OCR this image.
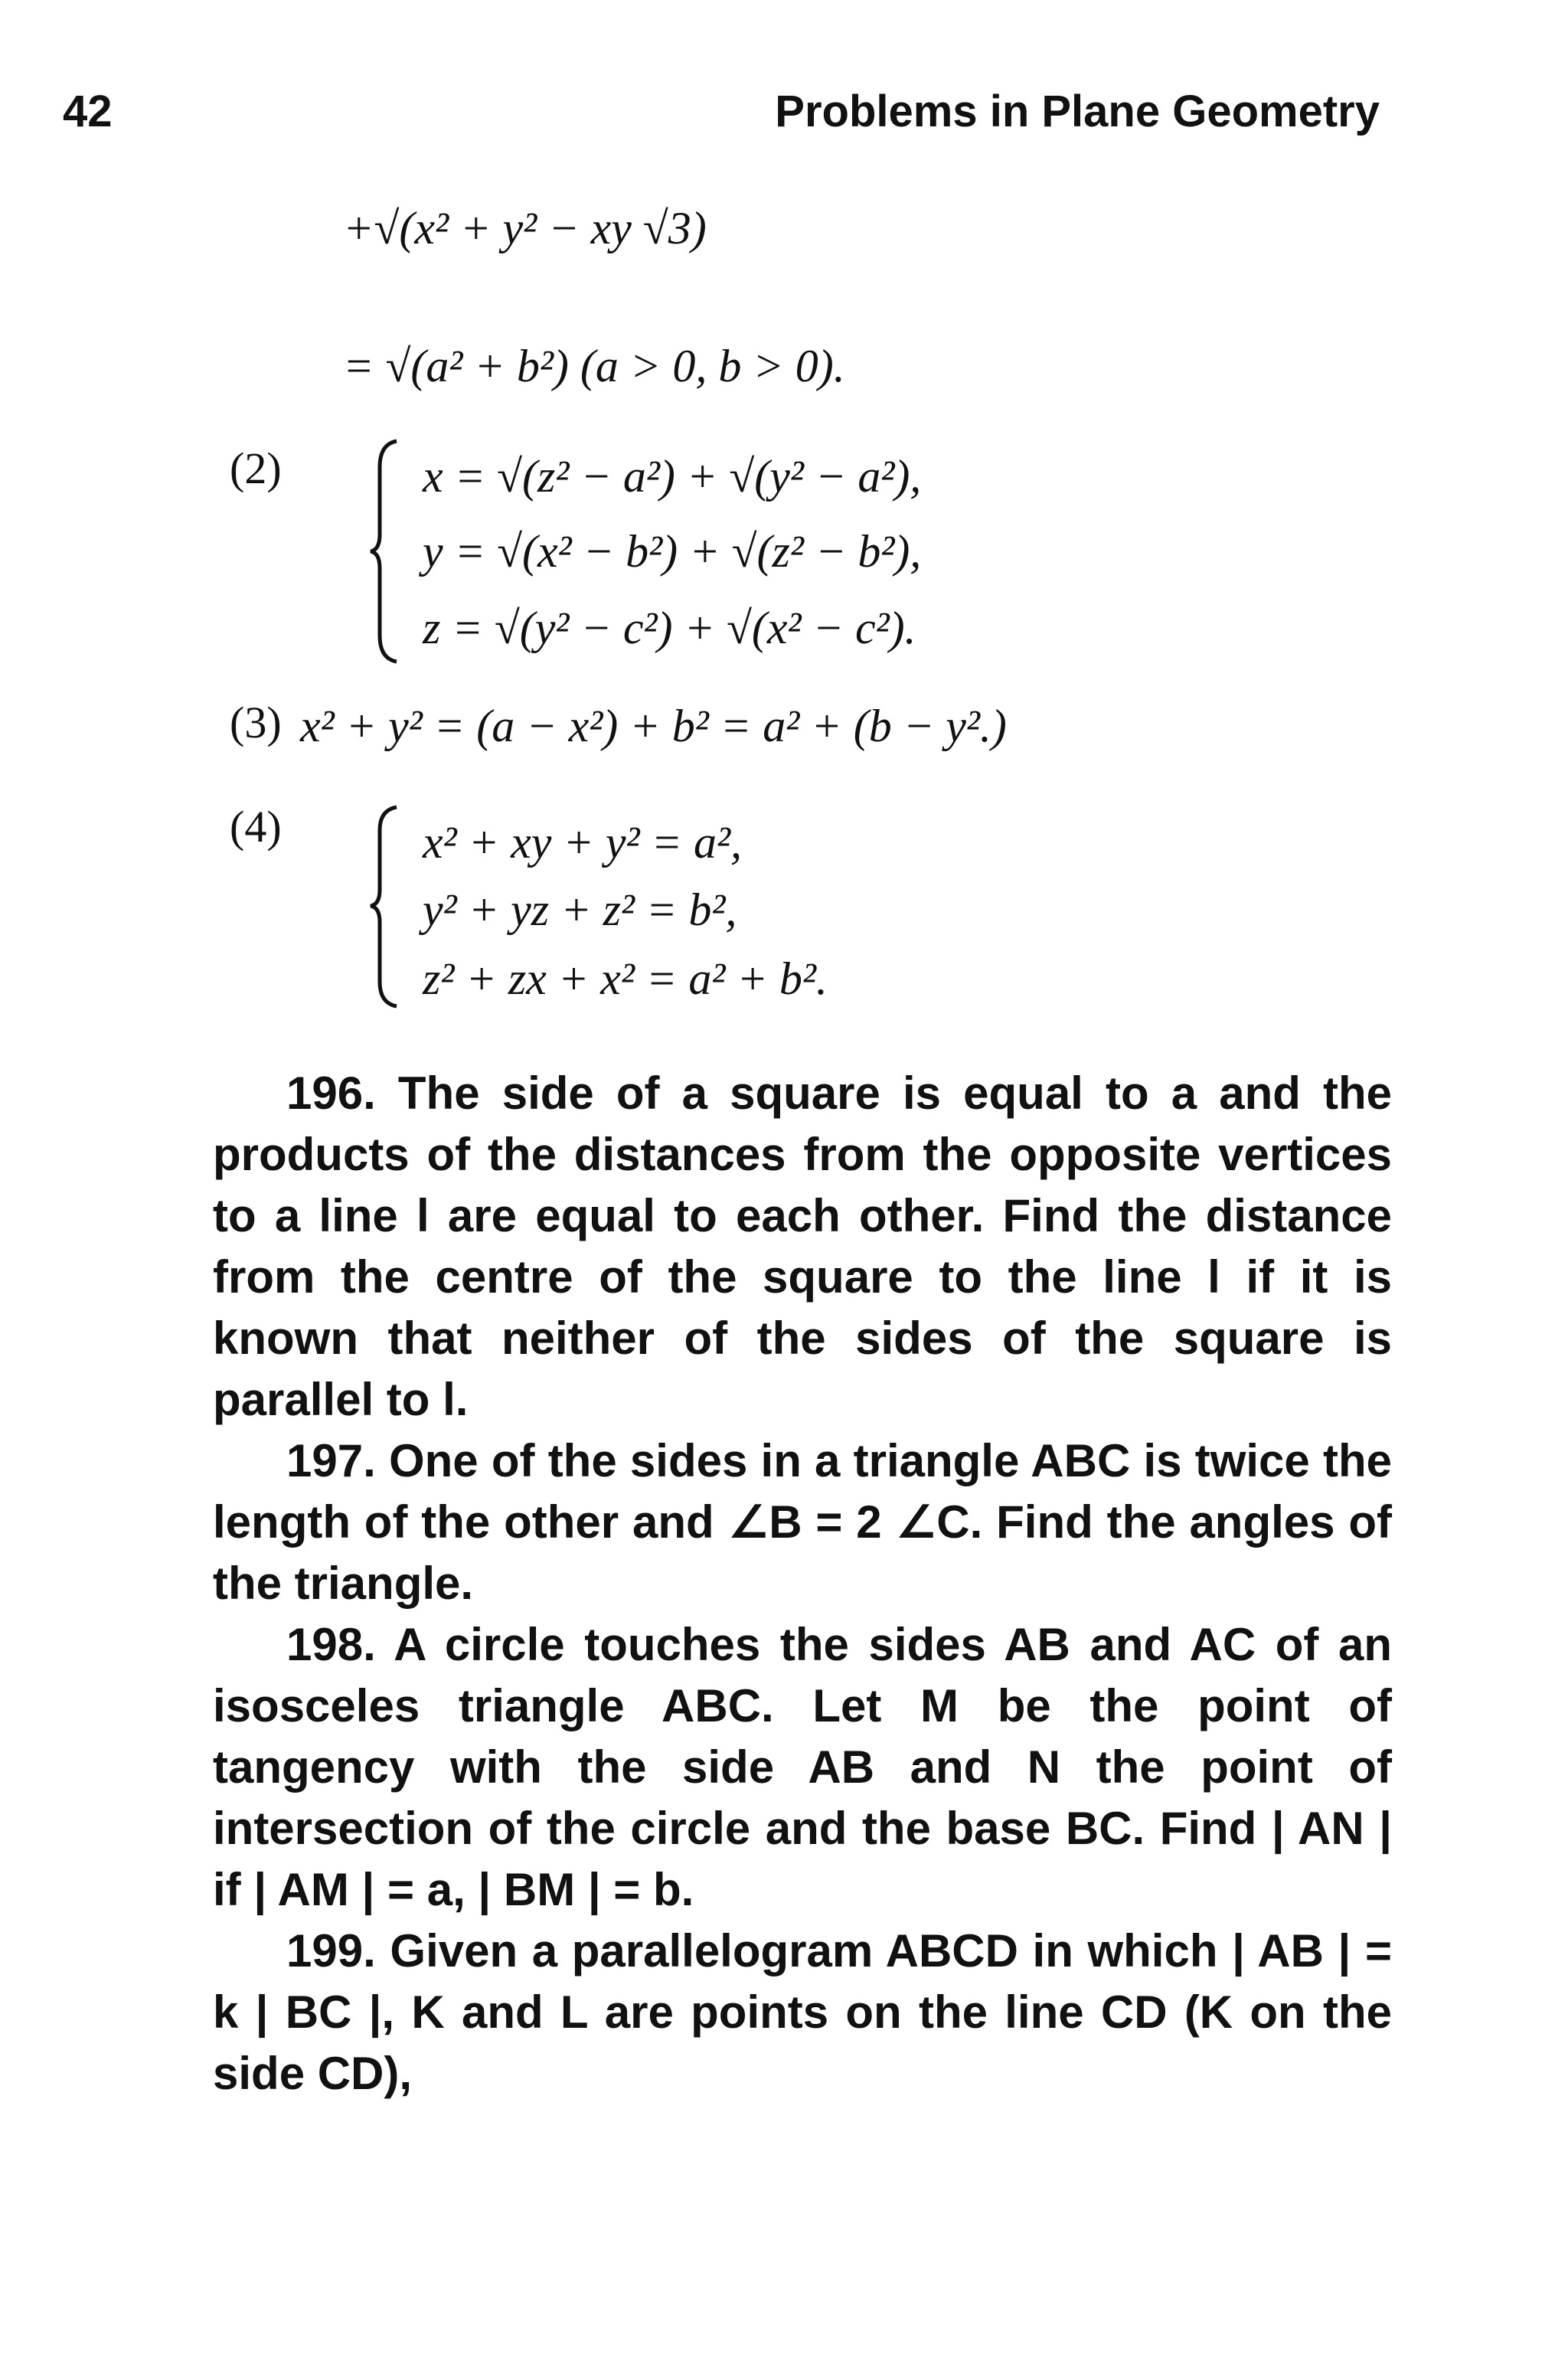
42	Problems in Plane Geometry
+√(x² + y² − xy √3)
= √(a² + b²) (a > 0, b > 0).
(2)	x = √(z² − a²) + √(y² − a²),
y = √(x² − b²) + √(z² − b²),
z = √(y² − c²) + √(x² − c²).
(3) x² + y² = (a − x²) + b² = a² + (b − y².)
(4)	x² + xy + y² = a²,
y² + yz + z² = b²,
z² + zx + x² = a² + b².

196. The side of a square is equal to a and the products of the distances from the opposite vertices to a line l are equal to each other. Find the distance from the centre of the square to the line l if it is known that neither of the sides of the square is parallel to l.

197. One of the sides in a triangle ABC is twice the length of the other and ∠B = 2 ∠C. Find the angles of the triangle.

198. A circle touches the sides AB and AC of an isosceles triangle ABC. Let M be the point of tangency with the side AB and N the point of intersection of the circle and the base BC. Find | AN | if | AM | = a, | BM | = b.

199. Given a parallelogram ABCD in which | AB | = k | BC |, K and L are points on the line CD (K on the side CD),
